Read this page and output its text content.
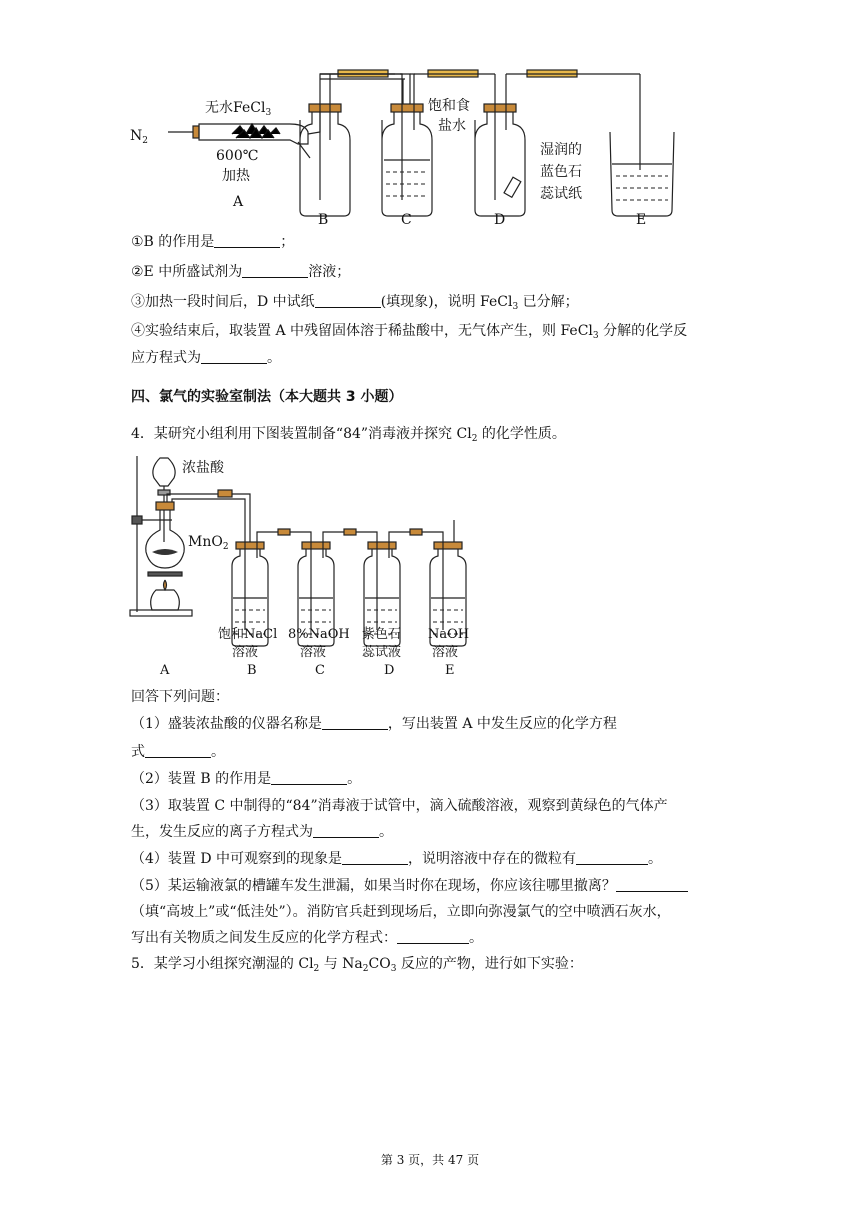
$N_2$
无水FeCl$_3$
600℃
加热
饱和食
盐水
湿润的
蓝色石
蕊试纸
A
B	C	D	E
①B 的作用是	；
②E 中所盛试剂为	溶液；
③加热一段时间后，D 中试纸	(填现象)，说明 FeCl$_3$ 已分解；
④实验结束后，取装置 A 中残留固体溶于稀盐酸中，无气体产生，则 FeCl$_3$ 分解的化学反
应方程式为	。
四、氯气的实验室制法（本大题共 3 小题）
4．某研究小组利用下图装置制备“84”消毒液并探究 $Cl_2$ 的化学性质。
浓盐酸
MnO$_2$
饱和NaCl
溶液
8%NaOH
溶液
紫色石
蕊试液
NaOH
溶液
A	B	C	D	E
回答下列问题：
（1）盛装浓盐酸的仪器名称是	，写出装置 A 中发生反应的化学方程
式	。
（2）装置 B 的作用是	。
（3）取装置 C 中制得的“84”消毒液于试管中，滴入硫酸溶液，观察到黄绿色的气体产
生，发生反应的离子方程式为	。
（4）装置 D 中可观察到的现象是	，说明溶液中存在的微粒有	。
（5）某运输液氯的槽罐车发生泄漏，如果当时你在现场，你应该往哪里撤离？
（填“高坡上”或“低洼处”）。消防官兵赶到现场后，立即向弥漫氯气的空中喷洒石灰水，
写出有关物质之间发生反应的化学方程式：	。
5．某学习小组探究潮湿的 $Cl_2$ 与 $Na_2CO_3$ 反应的产物，进行如下实验：
第 3 页，共 47 页
